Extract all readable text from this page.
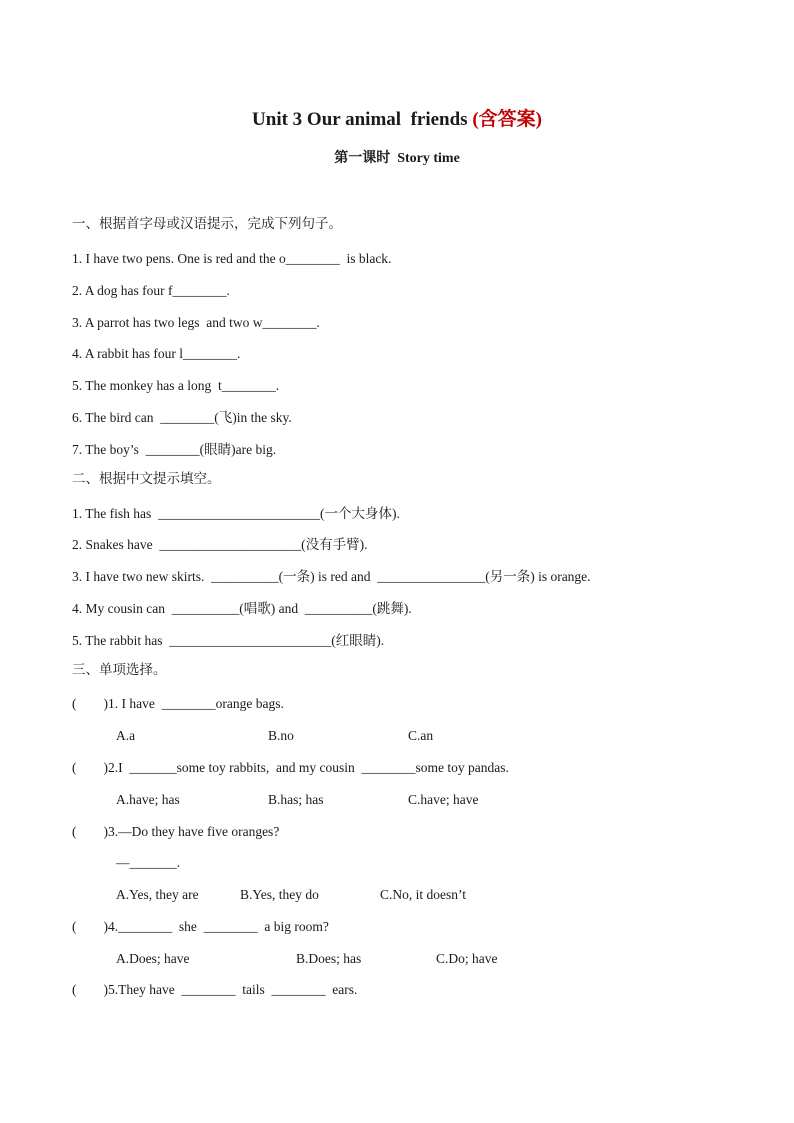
Unit 3 Our animal  friends (含答案)
第一课时  Story time
一、根据首字母或汉语提示，完成下列句子。
1. I have two pens. One is red and the o________  is black.
2. A dog has four f________.
3. A parrot has two legs  and two w________.
4. A rabbit has four l________.
5. The monkey has a long  t________.
6. The bird can  ________(飞)in the sky.
7. The boy’s  ________(眼睛)are big.
二、根据中文提示填空。
1. The fish has  ________________________(一个大身体).
2. Snakes have  _____________________(没有手臂).
3. I have two new skirts.  __________(一条) is red and  ________________(另一条) is orange.
4. My cousin can  __________(唱歌) and  __________(跳舞).
5. The rabbit has  ________________________(红眼睛).
三、单项选择。
(        )1. I have  ________orange bags.
A.a	B.no	C.an
(        )2.I  _______some toy rabbits,  and my cousin  ________some toy pandas.
A.have; has	B.has; has	C.have; have
(        )3.—Do they have five oranges?
—_______.
A.Yes, they are	B.Yes, they do	C.No, it doesn’t
(        )4.________  she  ________  a big room?
A.Does; have	B.Does; has	C.Do; have
(        )5.They have  ________  tails  ________  ears.
